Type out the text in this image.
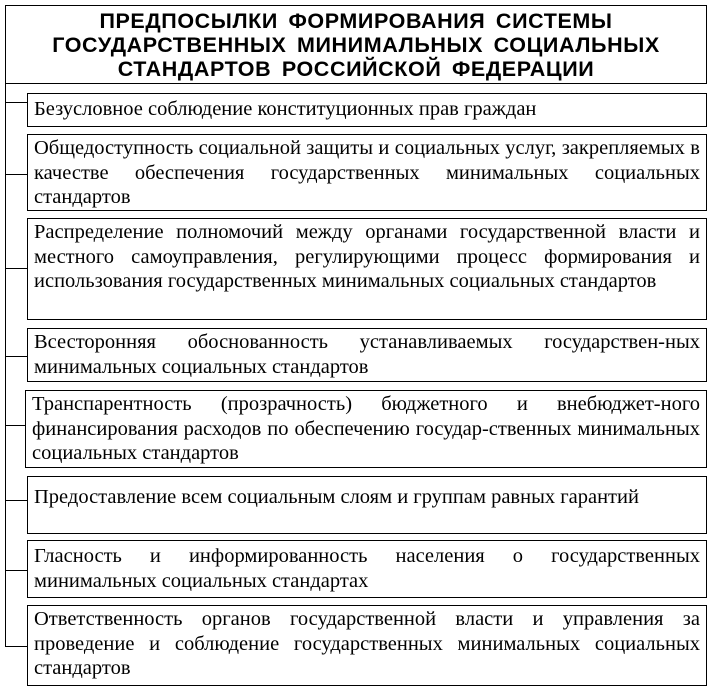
ПРЕДПОСЫЛКИ ФОРМИРОВАНИЯ СИСТЕМЫ ГОСУДАРСТВЕННЫХ МИНИМАЛЬНЫХ СОЦИАЛЬНЫХ СТАНДАРТОВ РОССИЙСКОЙ ФЕДЕРАЦИИ
Безусловное соблюдение конституционных прав граждан
Общедоступность социальной защиты и социальных услуг, закрепляемых в качестве обеспечения государственных минимальных социальных стандартов
Распределение полномочий между органами государственной власти и местного самоуправления, регулирующими процесс формирования и использования государственных минимальных социальных стандартов
Всесторонняя обоснованность устанавливаемых государствен-ных минимальных социальных стандартов
Транспарентность (прозрачность) бюджетного и внебюджет-ного финансирования расходов по обеспечению государ-ственных минимальных социальных стандартов
Предоставление всем социальным слоям и группам равных гарантий
Гласность и информированность населения о государственных минимальных социальных стандартах
Ответственность органов государственной власти и управления за проведение и соблюдение государственных минимальных социальных стандартов
